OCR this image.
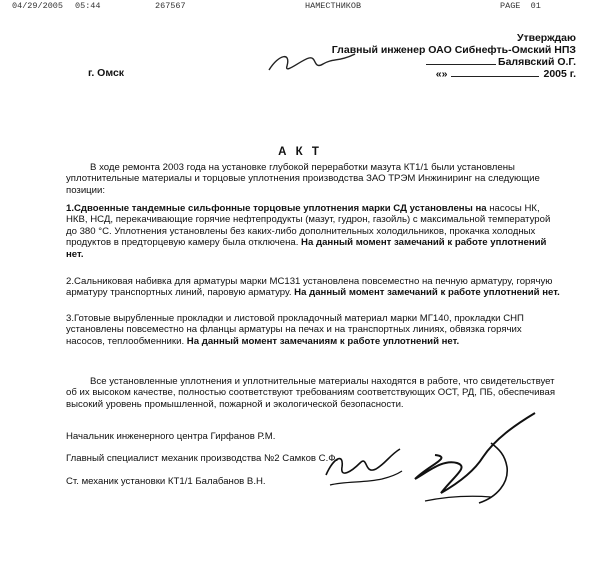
04/29/2005 05:44	267567	НАМЕСТНИКОВ	PAGE  01
Утверждаю
Главный инженер ОАО Сибнефть-Омский НПЗ
Балявский О.Г.
«»	2005 г.
г. Омск
А К Т

В ходе ремонта 2003 года на установке глубокой переработки мазута КТ1/1 были установлены уплотнительные материалы и торцовые уплотнения производства ЗАО ТРЭМ Инжиниринг на следующие позиции:

1.Сдвоенные тандемные сильфонные торцовые уплотнения марки СД установлены на насосы НК, НКВ, НСД, перекачивающие горячие нефтепродукты (мазут, гудрон, газойль) с максимальной температурой до 380 °С. Уплотнения установлены без каких-либо дополнительных холодильников, прокачка холодных продуктов в предторцевую камеру была отключена. На данный момент замечаний к работе уплотнений нет.

2.Сальниковая набивка для арматуры марки МС131 установлена повсеместно на печную арматуру, горячую арматуру транспортных линий, паровую арматуру. На данный момент замечаний к работе уплотнений нет.

3.Готовые вырубленные прокладки и листовой прокладочный материал марки МГ140, прокладки СНП установлены повсеместно на фланцы арматуры на печах и на транспортных линиях, обвязка горячих насосов, теплообменники. На данный момент замечаниям к работе уплотнений нет.

Все установленные уплотнения и уплотнительные материалы находятся в работе, что свидетельствует об их высоком качестве, полностью соответствуют требованиям соответствующих ОСТ, РД, ПБ, обеспечивая высокий уровень промышленной, пожарной и экологической безопасности.

Начальник инженерного центра Гирфанов Р.М.
Главный специалист механик производства №2 Самков С.Ф.
Ст. механик установки КТ1/1 Балабанов В.Н.
